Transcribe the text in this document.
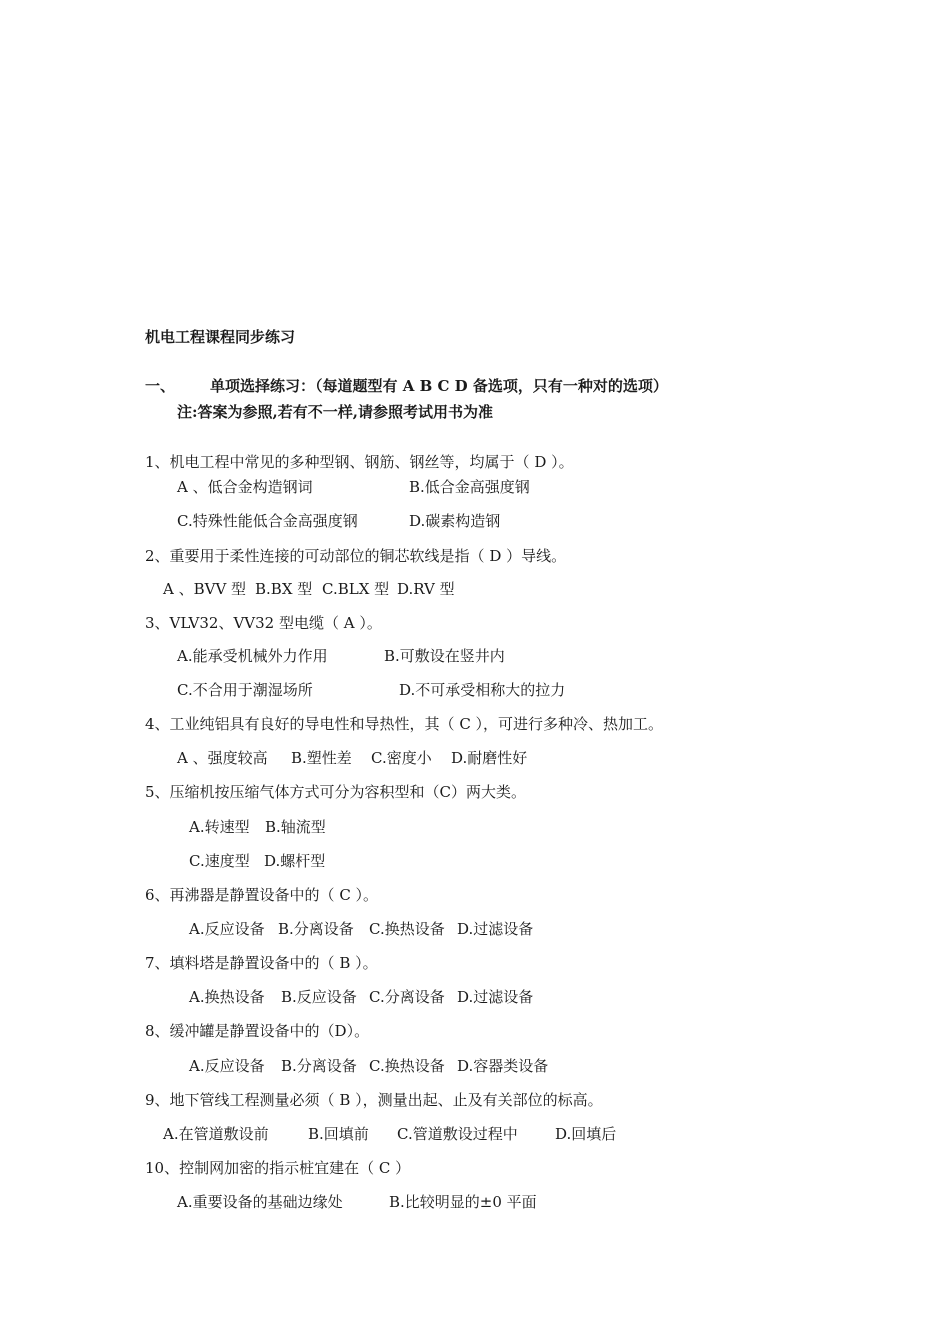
机电工程课程同步练习
一、 单项选择练习：（每道题型有 A B C D 备选项，只有一种对的选项）
注:答案为参照,若有不一样,请参照考试用书为准
1、机电工程中常见的多种型钢、钢筋、钢丝等，均属于（ D ）。
A 、低合金构造钢词	B.低合金高强度钢
C.特殊性能低合金高强度钢	D.碳素构造钢
2、重要用于柔性连接的可动部位的铜芯软线是指（ D ）导线。
A 、BVV 型 B.BX 型 C.BLX 型 D.RV 型
3、VLV32、VV32 型电缆（ A ）。
A.能承受机械外力作用	B.可敷设在竖井内
C.不合用于潮湿场所	D.不可承受相称大的拉力
4、工业纯铝具有良好的导电性和导热性，其（ C ），可进行多种冷、热加工。
A 、强度较高 B.塑性差 C.密度小 D.耐磨性好
5、压缩机按压缩气体方式可分为容积型和（C）两大类。
A.转速型 B.轴流型
C.速度型 D.螺杆型
6、再沸器是静置设备中的（ C ）。
A.反应设备 B.分离设备 C.换热设备 D.过滤设备
7、填料塔是静置设备中的（ B ）。
A.换热设备 B.反应设备 C.分离设备 D.过滤设备
8、缓冲罐是静置设备中的（D）。
A.反应设备 B.分离设备 C.换热设备 D.容器类设备
9、地下管线工程测量必须（ B ），测量出起、止及有关部位的标高。
A.在管道敷设前	B.回填前 C.管道敷设过程中 D.回填后
10、控制网加密的指示桩宜建在（ C ）
A.重要设备的基础边缘处	B.比较明显的±0 平面
